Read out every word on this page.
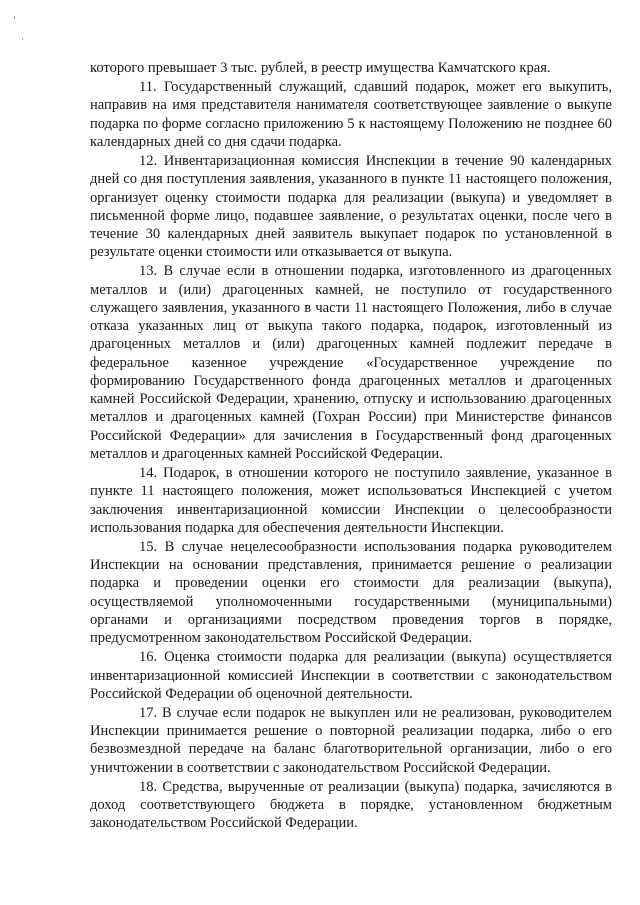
которого превышает 3 тыс. рублей, в реестр имущества Камчатского края.

11. Государственный служащий, сдавший подарок, может его выкупить, направив на имя представителя нанимателя соответствующее заявление о выкупе подарка по форме согласно приложению 5 к настоящему Положению не позднее 60 календарных дней со дня сдачи подарка.

12. Инвентаризационная комиссия Инспекции в течение 90 календарных дней со дня поступления заявления, указанного в пункте 11 настоящего положения, организует оценку стоимости подарка для реализации (выкупа) и уведомляет в письменной форме лицо, подавшее заявление, о результатах оценки, после чего в течение 30 календарных дней заявитель выкупает подарок по установленной в результате оценки стоимости или отказывается от выкупа.

13. В случае если в отношении подарка, изготовленного из драгоценных металлов и (или) драгоценных камней, не поступило от государственного служащего заявления, указанного в части 11 настоящего Положения, либо в случае отказа указанных лиц от выкупа такого подарка, подарок, изготовленный из драгоценных металлов и (или) драгоценных камней подлежит передаче в федеральное казенное учреждение «Государственное учреждение по формированию Государственного фонда драгоценных металлов и драгоценных камней Российской Федерации, хранению, отпуску и использованию драгоценных металлов и драгоценных камней (Гохран России) при Министерстве финансов Российской Федерации» для зачисления в Государственный фонд драгоценных металлов и драгоценных камней Российской Федерации.

14. Подарок, в отношении которого не поступило заявление, указанное в пункте 11 настоящего положения, может использоваться Инспекцией с учетом заключения инвентаризационной комиссии Инспекции о целесообразности использования подарка для обеспечения деятельности Инспекции.

15. В случае нецелесообразности использования подарка руководителем Инспекции на основании представления, принимается решение о реализации подарка и проведении оценки его стоимости для реализации (выкупа), осуществляемой уполномоченными государственными (муниципальными) органами и организациями посредством проведения торгов в порядке, предусмотренном законодательством Российской Федерации.

16. Оценка стоимости подарка для реализации (выкупа) осуществляется инвентаризационной комиссией Инспекции в соответствии с законодательством Российской Федерации об оценочной деятельности.

17. В случае если подарок не выкуплен или не реализован, руководителем Инспекции принимается решение о повторной реализации подарка, либо о его безвозмездной передаче на баланс благотворительной организации, либо о его уничтожении в соответствии с законодательством Российской Федерации.

18. Средства, вырученные от реализации (выкупа) подарка, зачисляются в доход соответствующего бюджета в порядке, установленном бюджетным законодательством Российской Федерации.
